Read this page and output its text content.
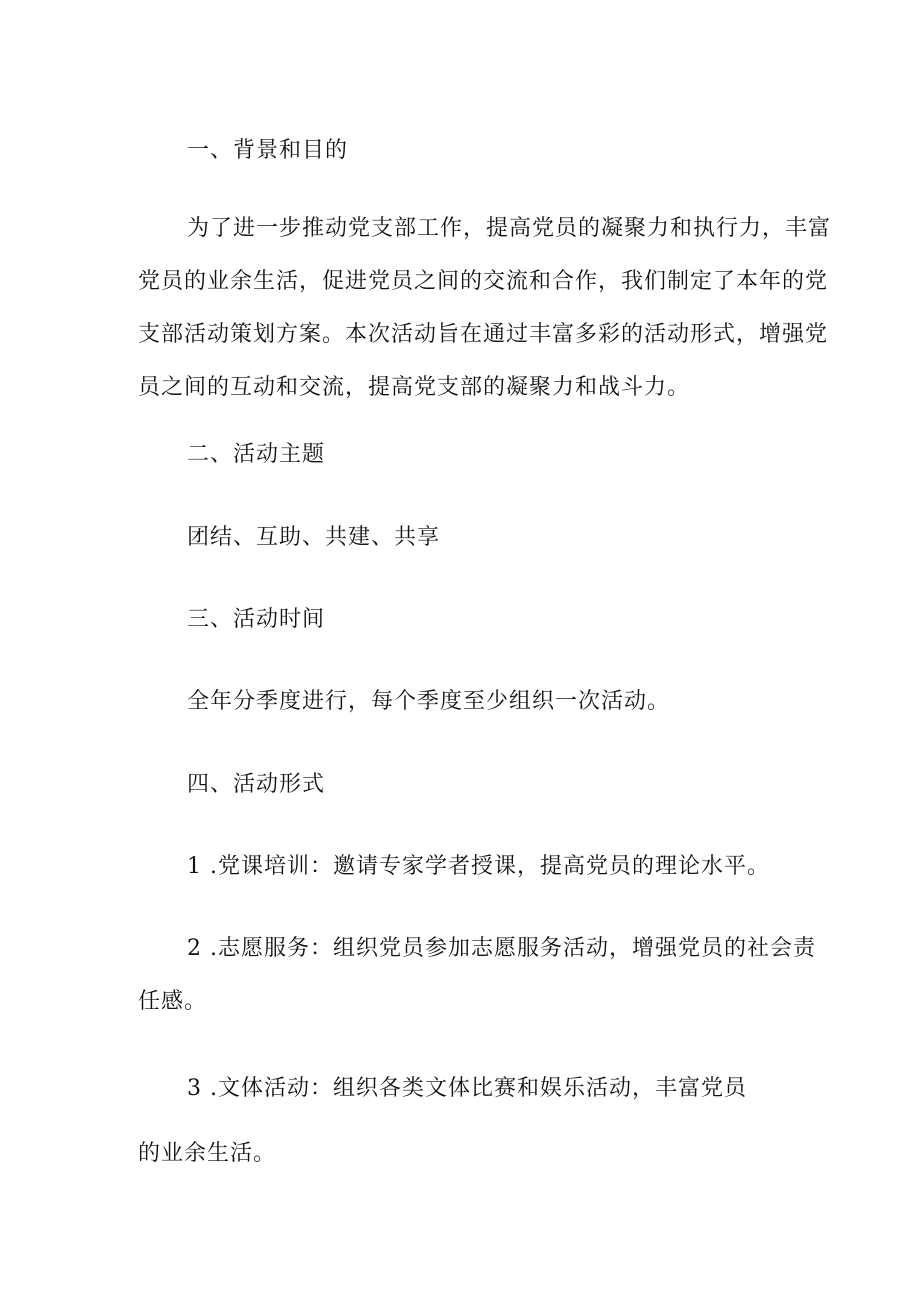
一、背景和目的
为了进一步推动党支部工作，提高党员的凝聚力和执行力，丰富
党员的业余生活，促进党员之间的交流和合作，我们制定了本年的党
支部活动策划方案。本次活动旨在通过丰富多彩的活动形式，增强党
员之间的互动和交流，提高党支部的凝聚力和战斗力。
二、活动主题
团结、互助、共建、共享
三、活动时间
全年分季度进行，每个季度至少组织一次活动。
四、活动形式
1 .党课培训：邀请专家学者授课，提高党员的理论水平。
2 .志愿服务：组织党员参加志愿服务活动，增强党员的社会责
任感。
3 .文体活动：组织各类文体比赛和娱乐活动，丰富党员
的业余生活。
